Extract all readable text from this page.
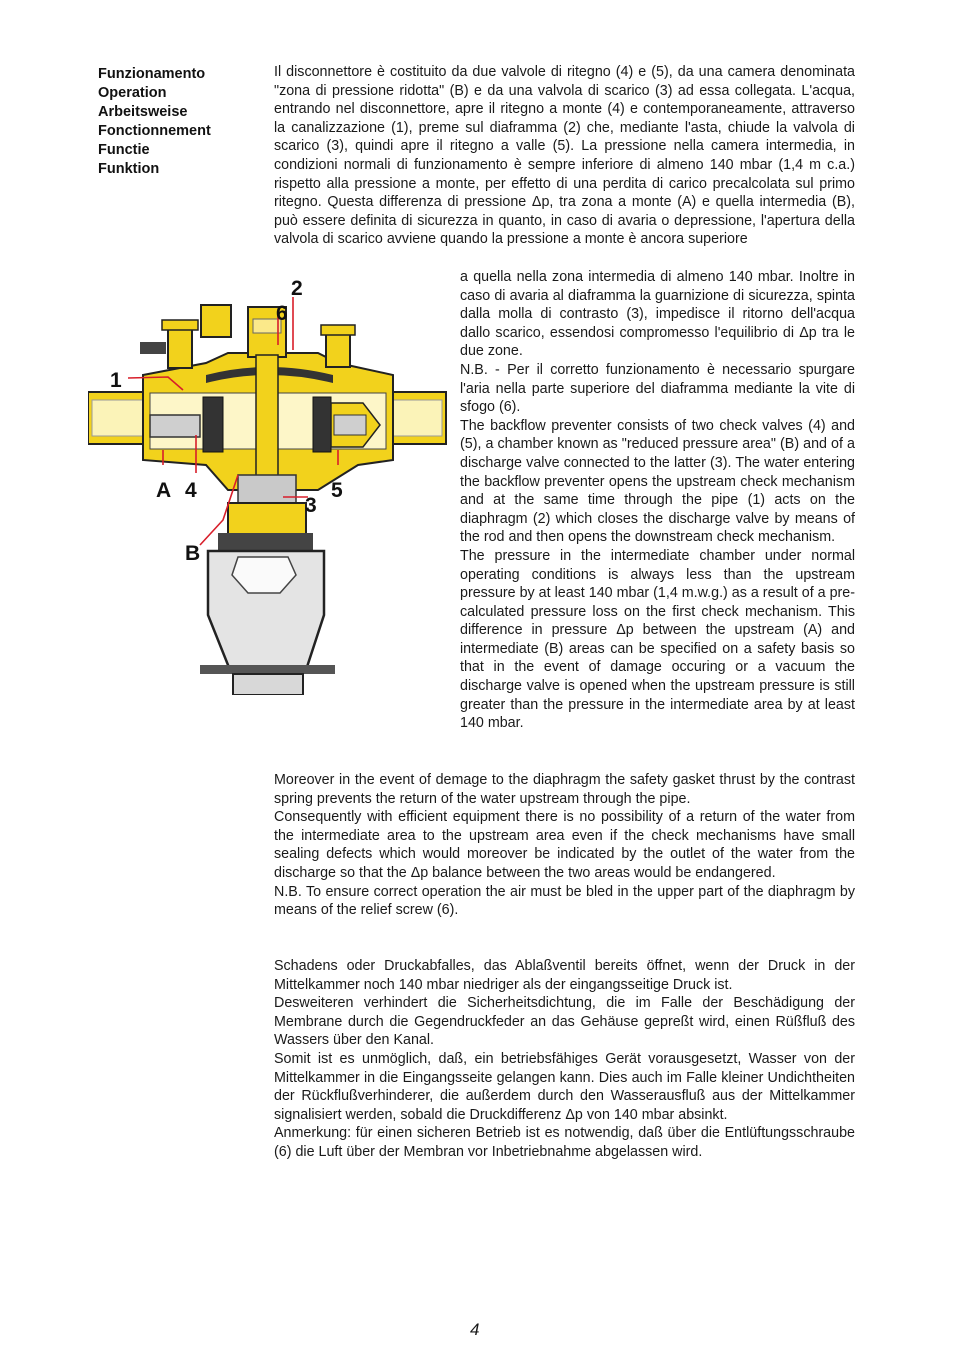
Funzionamento
Operation
Arbeitsweise
Fonctionnement
Functie
Funktion

Il disconnettore è costituito da due valvole di ritegno (4) e (5), da una camera denominata "zona di pressione ridotta" (B) e da una valvola di scarico (3) ad essa collegata. L'acqua, entrando nel disconnettore, apre il ritegno a monte (4) e contemporaneamente, attraverso la canalizzazione (1), preme sul diaframma (2) che, mediante l'asta, chiude la valvola di scarico (3), quindi apre il ritegno a valle (5). La pressione nella camera intermedia, in condizioni normali di funzionamento è sempre inferiore di almeno 140 mbar (1,4 m c.a.) rispetto alla pressione a monte, per effetto di una perdita di carico precalcolata sul primo ritegno. Questa differenza di pressione Δp, tra zona a monte (A) e quella intermedia (B), può essere definita di sicurezza in quanto, in caso di avaria o depressione, l'apertura della valvola di scarico avviene quando la pressione a monte è ancora superiore

1
2
6
A 4	5
3
B

a quella nella zona intermedia di almeno 140 mbar. Inoltre in caso di avaria al diaframma la guarnizione di sicurezza, spinta dalla molla di contrasto (3), impedisce il ritorno dell'acqua dallo scarico, essendosi compromesso l'equilibrio di Δp tra le due zone.

N.B. - Per il corretto funzionamento è necessario spurgare l'aria nella parte superiore del diaframma mediante la vite di sfogo (6).

The backflow preventer consists of two check valves (4) and (5), a chamber known as "reduced pressure area" (B) and of a discharge valve connected to the latter (3). The water entering the backflow preventer opens the upstream check mechanism and at the same time through the pipe (1) acts on the diaphragm (2) which closes the discharge valve by means of the rod and then opens the downstream check mechanism.

The pressure in the intermediate chamber under normal operating conditions is always less than the upstream pressure by at least 140 mbar (1,4 m.w.g.) as a result of a pre-calculated pressure loss on the first check mechanism. This difference in pressure Δp between the upstream (A) and intermediate (B) areas can be specified on a safety basis so that in the event of damage occuring or a vacuum the discharge valve is opened when the upstream pressure is still greater than the pressure in the intermediate area by at least 140 mbar.

Moreover in the event of demage to the diaphragm the safety gasket thrust by the contrast spring prevents the return of the water upstream through the pipe.

Consequently with efficient equipment there is no possibility of a return of the water from the intermediate area to the upstream area even if the check mechanisms have small sealing defects which would moreover be indicated by the outlet of the water from the discharge so that the Δp balance between the two areas would be endangered.

N.B. To ensure correct operation the air must be bled in the upper part of the diaphragm by means of the relief screw (6).

Schadens oder Druckabfalles, das Ablaßventil bereits öffnet, wenn der Druck in der Mittelkammer noch 140 mbar niedriger als der eingangsseitige Druck ist.

Desweiteren verhindert die Sicherheitsdichtung, die im Falle der Beschädigung der Membrane durch die Gegendruckfeder an das Gehäuse gepreßt wird, einen Rüßfluß des Wassers über den Kanal.

Somit ist es unmöglich, daß, ein betriebsfähiges Gerät vorausgesetzt, Wasser von der Mittelkammer in die Eingangsseite gelangen kann. Dies auch im Falle kleiner Undichtheiten der Rückflußverhinderer, die außerdem durch den Wasserausfluß aus der Mittelkammer signalisiert werden, sobald die Druckdifferenz Δp von 140 mbar absinkt.

Anmerkung: für einen sicheren Betrieb ist es notwendig, daß über die Entlüftungsschraube (6) die Luft über der Membran vor Inbetriebnahme abgelassen wird.

4
